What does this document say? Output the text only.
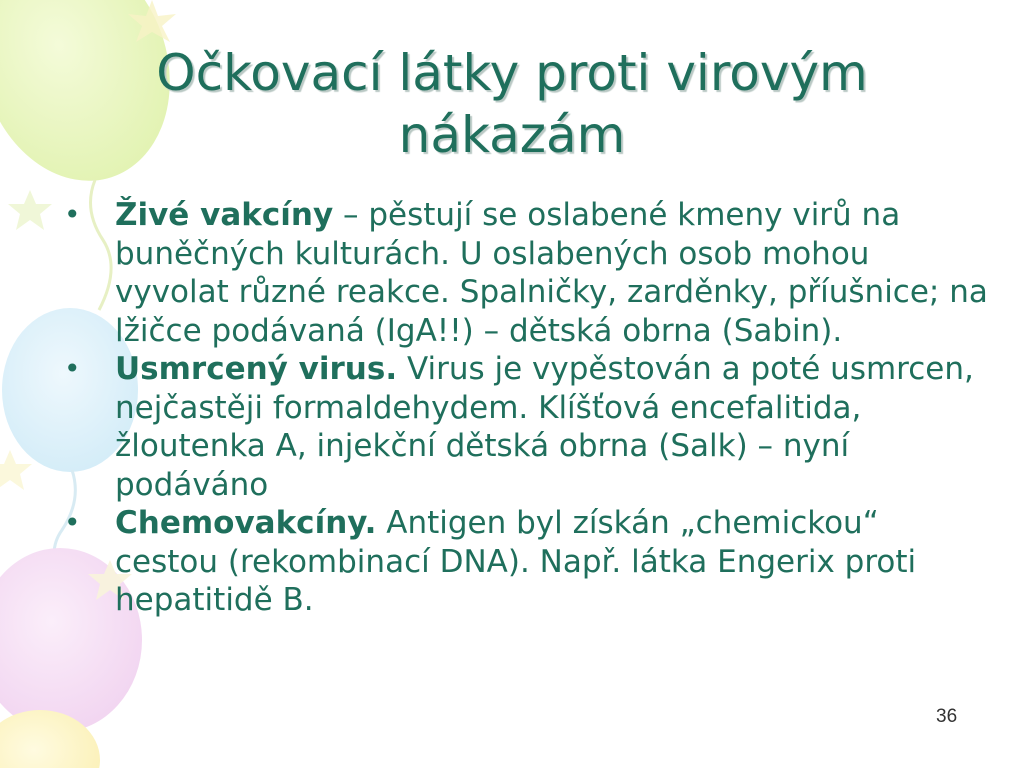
Očkovací látky proti virovým
nákazám
• Živé vakcíny – pěstují se oslabené kmeny virů na buněčných kulturách. U oslabených osob mohou vyvolat různé reakce. Spalničky, zarděnky, příušnice; na lžičce podávaná (IgA!!) – dětská obrna (Sabin).
• Usmrcený virus. Virus je vypěstován a poté usmrcen, nejčastěji formaldehydem. Klíšťová encefalitida, žloutenka A, injekční dětská obrna (Salk) – nyní podáváno
• Chemovakcíny. Antigen byl získán „chemickou“ cestou (rekombinací DNA). Např. látka Engerix proti hepatitidě B.
36
